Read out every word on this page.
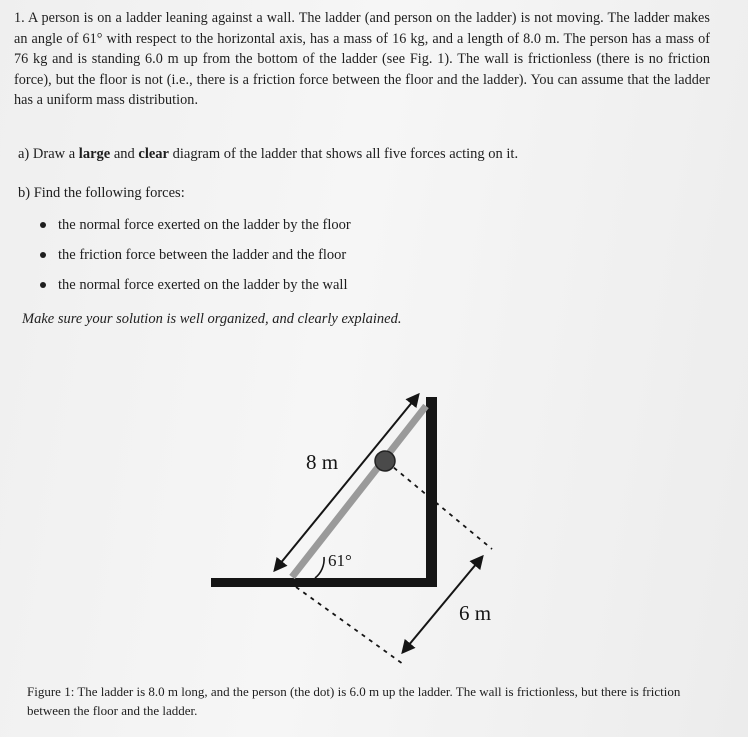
1. A person is on a ladder leaning against a wall. The ladder (and person on the ladder) is not moving. The ladder makes an angle of 61° with respect to the horizontal axis, has a mass of 16 kg, and a length of 8.0 m. The person has a mass of 76 kg and is standing 6.0 m up from the bottom of the ladder (see Fig. 1). The wall is frictionless (there is no friction force), but the floor is not (i.e., there is a friction force between the floor and the ladder). You can assume that the ladder has a uniform mass distribution.
a) Draw a large and clear diagram of the ladder that shows all five forces acting on it.
b) Find the following forces:
the normal force exerted on the ladder by the floor
the friction force between the ladder and the floor
the normal force exerted on the ladder by the wall
Make sure your solution is well organized, and clearly explained.
8 m
61°
6 m
Figure 1: The ladder is 8.0 m long, and the person (the dot) is 6.0 m up the ladder. The wall is frictionless, but there is friction between the floor and the ladder.
